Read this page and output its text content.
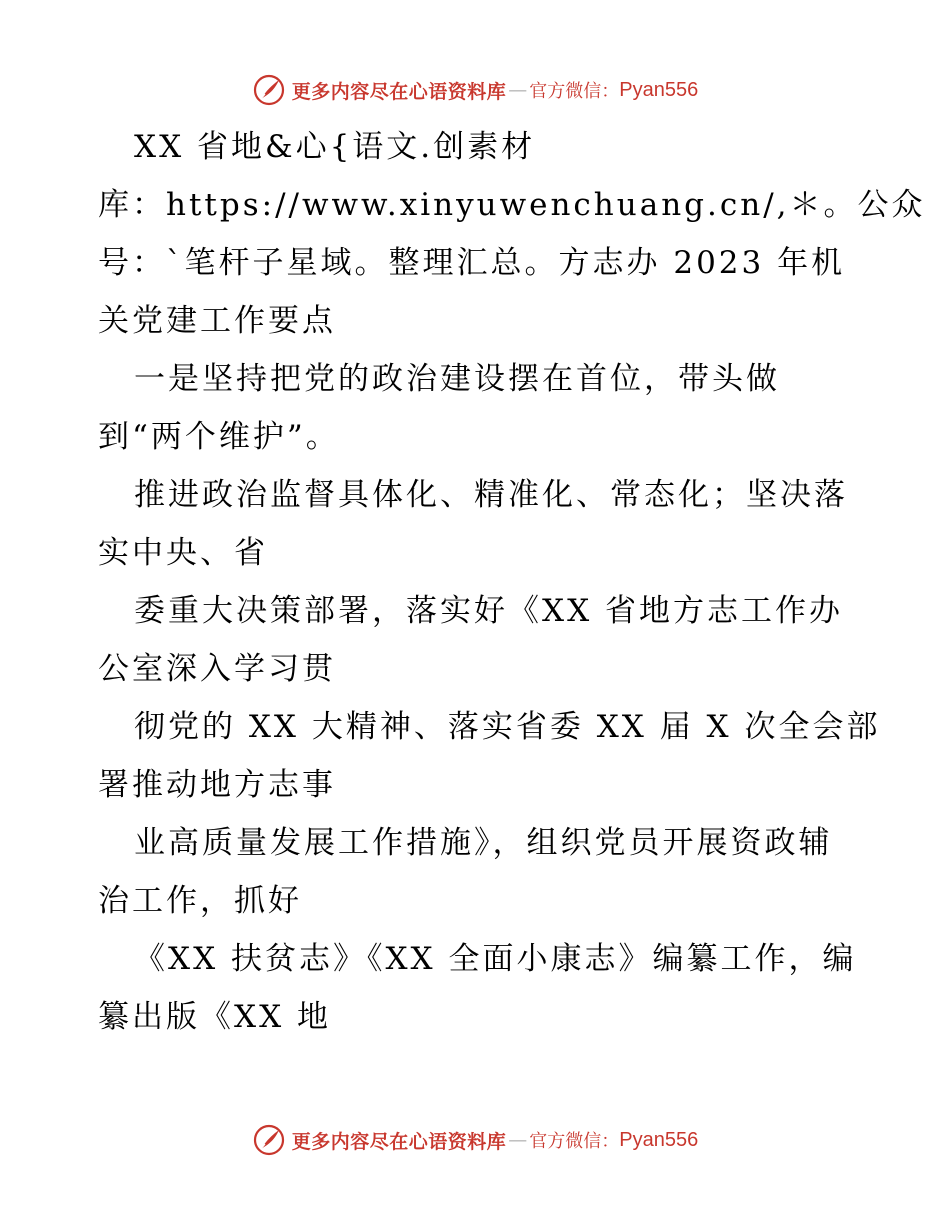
更多内容尽在心语资料库 — 官方微信： Pyan556
XX 省地&心{语文.创素材
库：https://www.xinyuwenchuang.cn/,＊。公众
号：`笔杆子星域。整理汇总。方志办 2023 年机
关党建工作要点
一是坚持把党的政治建设摆在首位，带头做
到“两个维护”。
推进政治监督具体化、精准化、常态化；坚决落
实中央、省
委重大决策部署，落实好《XX 省地方志工作办
公室深入学习贯
彻党的 XX 大精神、落实省委 XX 届 X 次全会部
署推动地方志事
业高质量发展工作措施》，组织党员开展资政辅
治工作，抓好
《XX 扶贫志》《XX 全面小康志》编纂工作，编
纂出版《XX 地
更多内容尽在心语资料库 — 官方微信： Pyan556
